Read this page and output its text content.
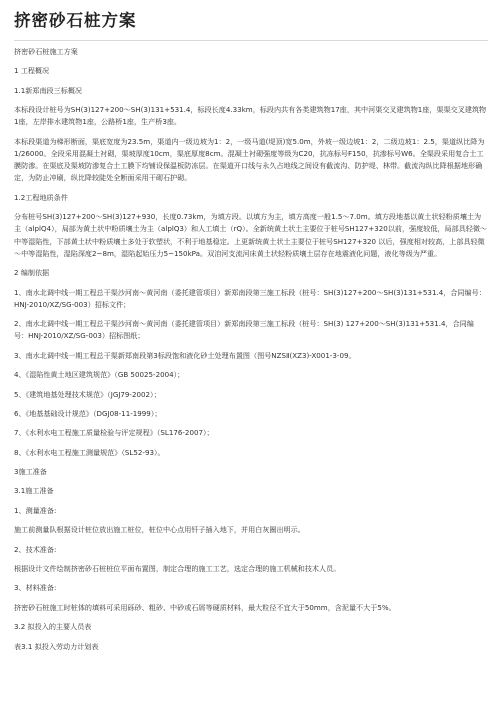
挤密砂石桩方案
挤密砂石桩施工方案
1 工程概况
1.1新郑南段三标概况
本标段设计桩号为SH(3)127+200～SH(3)131+531.4，标段长度4.33km，标段内共有各类建筑物17座，其中河渠交叉建筑物1座，渠渠交叉建筑物1座，左岸排水建筑物1座，公路桥1座，生产桥3座。
本标段渠道为梯形断面，渠底宽度为23.5m，渠道内一级边坡为1：2，一级马道(堤顶)宽5.0m，外坡一级边坡1：2，二级边坡1：2.5，渠道纵比降为1/26000。全段采用混凝土衬砌，渠坡厚度10cm，渠底厚度8cm。混凝土衬砌强度等级为C20，抗冻标号F150，抗渗标号W6。全渠段采用复合土工膜防渗。在渠底及渠坡防渗复合土工膜下均铺设保温板防冻层。在渠道开口线与永久占地线之间设有截流沟、防护堤、林带。截流沟纵比降根据地形确定，为防止冲刷，纵比降较陡处全断面采用干砌石护砌。
1.2工程地质条件
分布桩号SH(3)127+200～SH(3)127+930，长度0.73km，为填方段。以填方为主，填方高度一般1.5～7.0m。填方段地基以黄土状轻粉质壤土为主（alplQ4），局部为黄土状中粉质壤土为主（alplQ3）和人工填土（rQ）。全新统黄土状土主要位于桩号SH127+320以前，强度较低，局部具轻微～中等湿陷性，下部黄土状中粉质壤土多处于软塑状，不利于地基稳定。上更新统黄土状土主要位于桩号SH127+320 以后，强度相对较高，上部具轻微～中等湿陷性，湿陷深度2~8m，湿陷起始压力5~150kPa。双洎河支流河床黄土状轻粉质壤土层存在地震液化问题，液化等级为严重。
2 编制依据
1、南水北调中线一期工程总干渠沙河南～黄河南（委托建管项目）新郑南段第三施工标段（桩号：SH(3)127+200～SH(3)131+531.4，合同编号：HNJ-2010/XZ/SG-003）招标文件；
2、南水北调中线一期工程总干渠沙河南～黄河南（委托建管项目）新郑南段第三施工标段（桩号：SH(3) 127+200～SH(3)131+531.4，合同编号：HNJ-2010/XZ/SG-003）招标图纸；
3、南水北调中线一期工程总干渠新郑南段第3标段饱和液化砂土处理布置图（图号NZSⅡ(XZ3)-X001-3-09。
4、《湿陷性黄土地区建筑规范》（GB 50025-2004）；
5、《建筑地基处理技术规范》（JGJ79-2002）；
6、《地基基础设计规范》（DGJ08-11-1999）；
7、《水利水电工程施工质量检验与评定规程》（SL176-2007）；
8、《水利水电工程施工测量规范》（SL52-93）。
3施工准备
3.1施工准备
1、测量准备:
施工前测量队根据设计桩位放出施工桩位，桩位中心点用钎子插入地下，并用白灰圈出明示。
2、技术准备:
根据设计文件绘制挤密砂石桩桩位平面布置图，制定合理的施工工艺，选定合理的施工机械和技术人员。
3、材料准备:
挤密砂石桩施工时桩体的填料可采用砾砂、粗砂、中砂或石屑等硬质材料，最大粒径不宜大于50mm，含泥量不大于5%。
3.2 拟投入的主要人员表
表3.1 拟投入劳动力计划表
